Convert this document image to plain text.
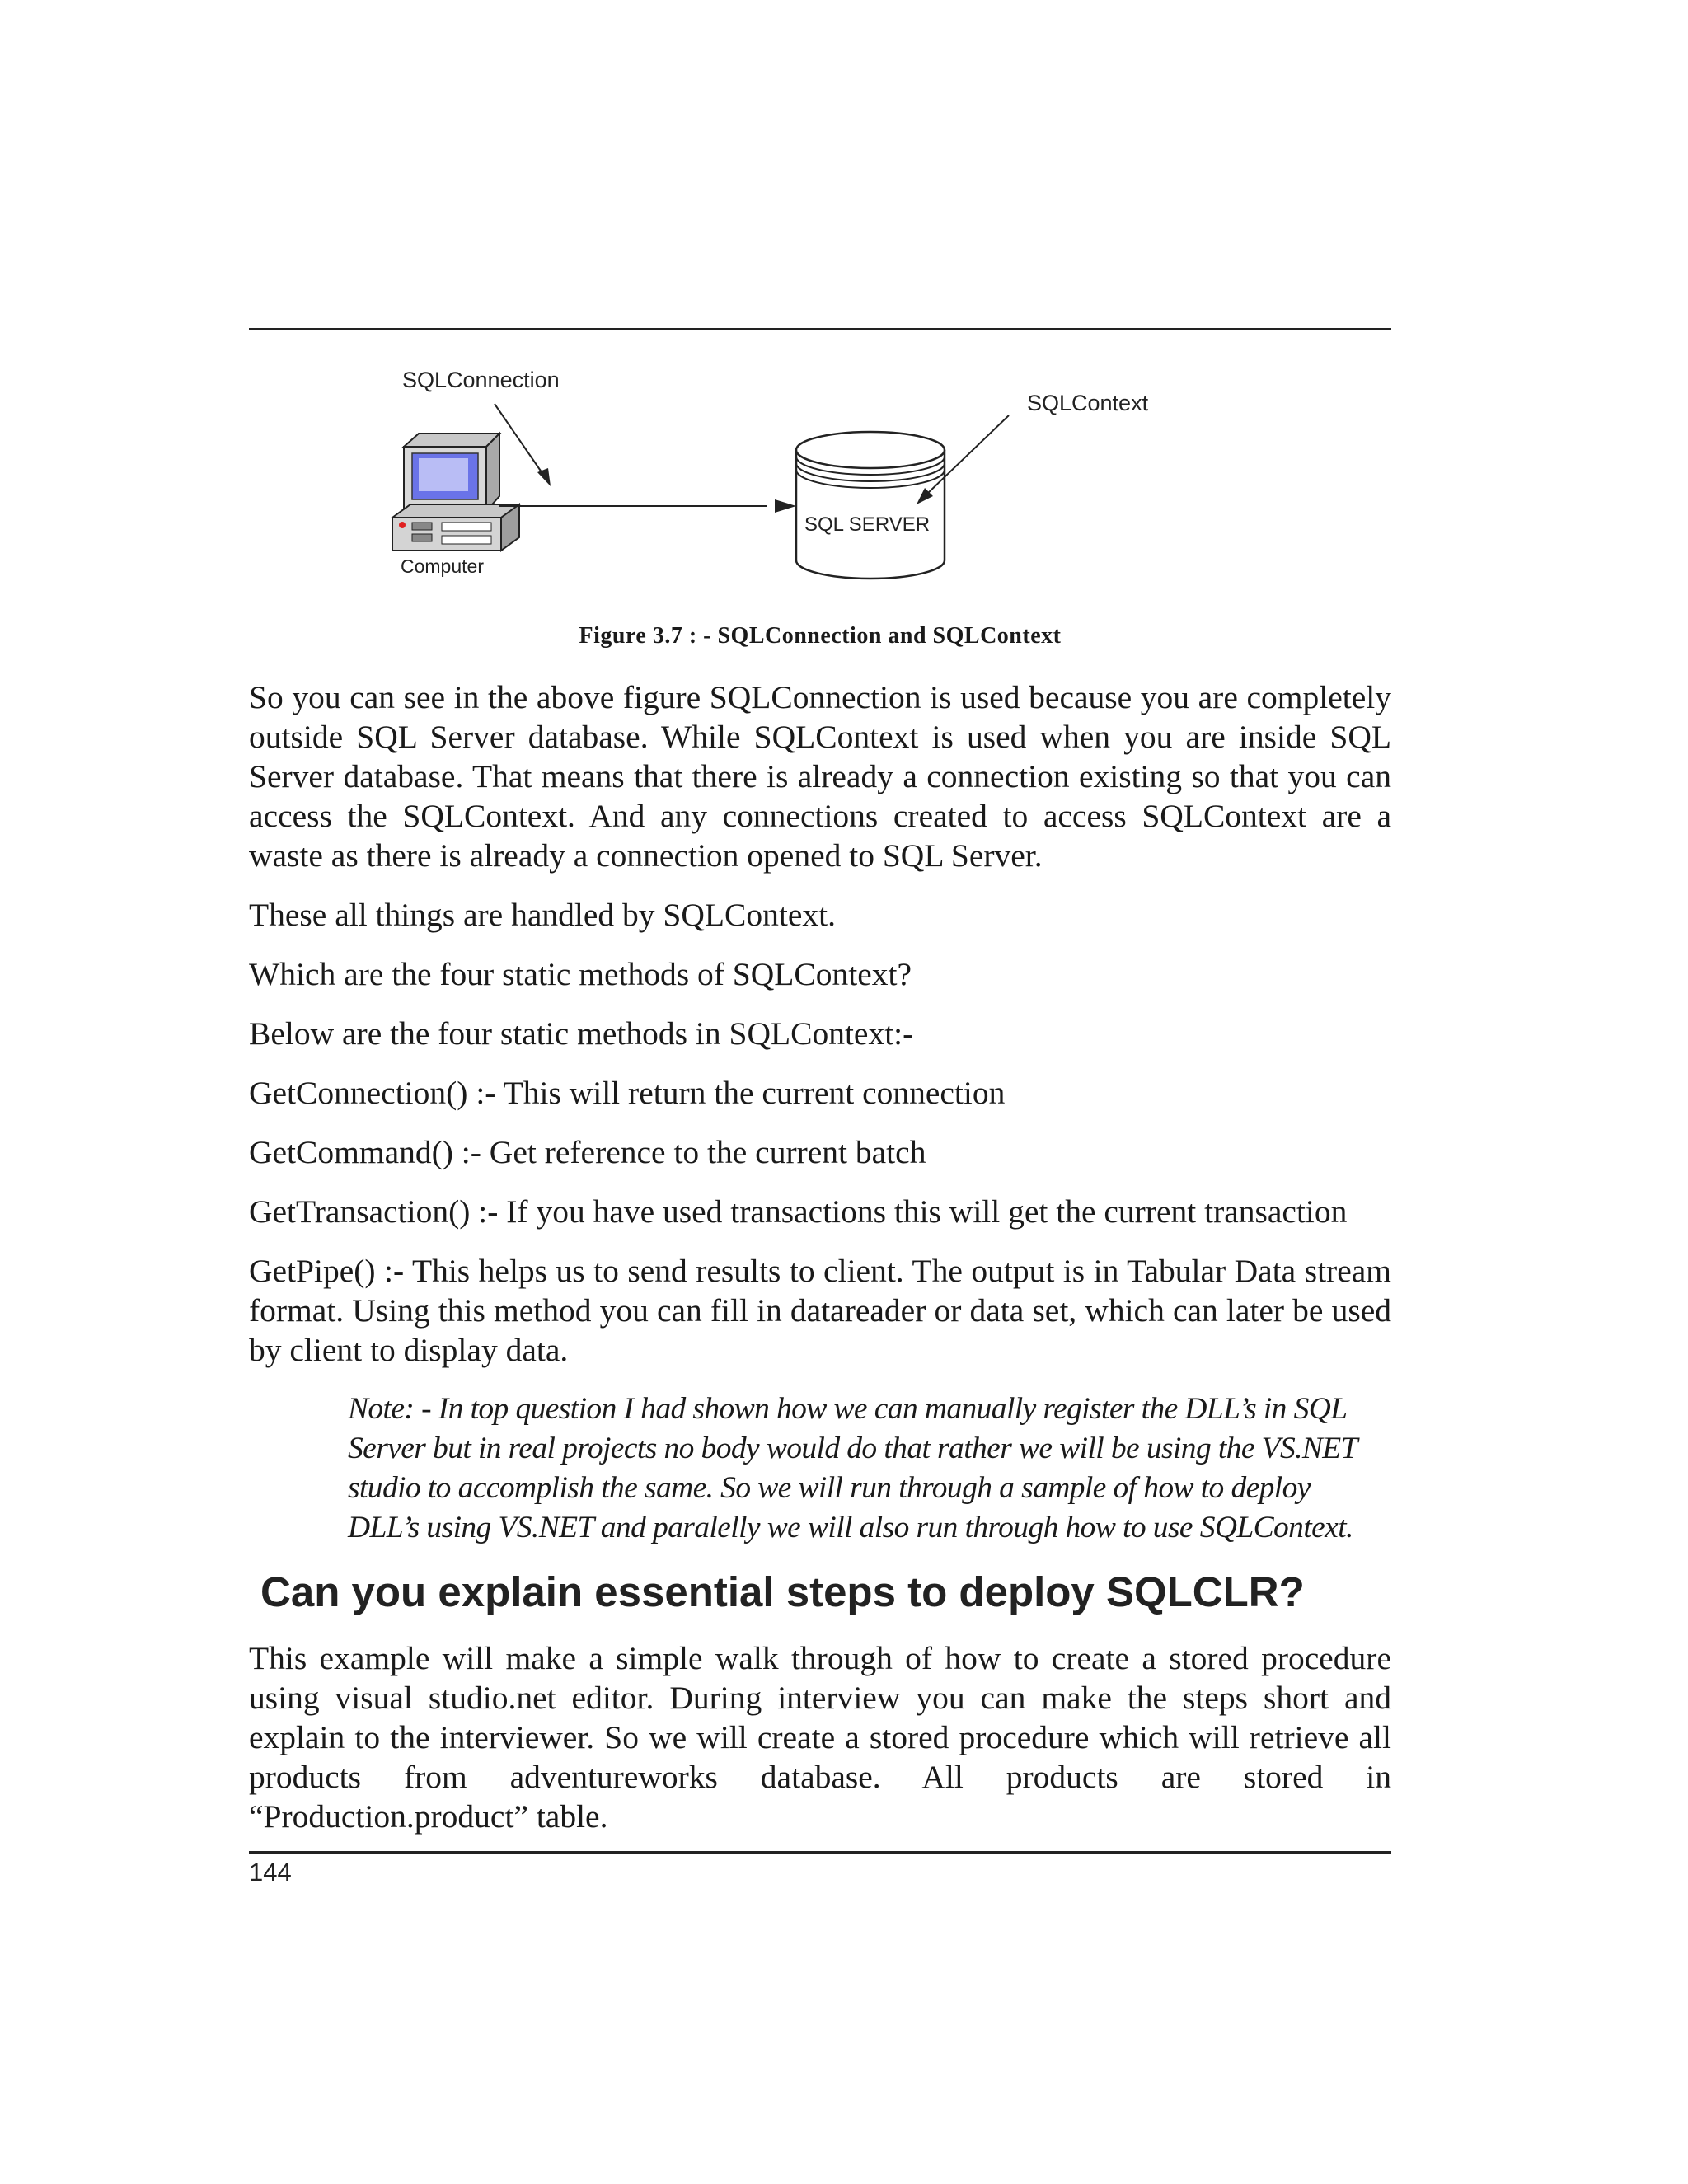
SQLConnection
Computer
SQL SERVER
SQLContext
Figure 3.7 : - SQLConnection and SQLContext

So you can see in the above figure SQLConnection is used because you are completely outside SQL Server database. While SQLContext is used when you are inside SQL Server database. That means that there is already a connection existing so that you can access the SQLContext. And any connections created to access SQLContext are a waste as there is already a connection opened to SQL Server.

These all things are handled by SQLContext.

Which are the four static methods of SQLContext?

Below are the four static methods in SQLContext:-

GetConnection() :- This will return the current connection

GetCommand() :- Get reference to the current batch

GetTransaction() :- If you have used transactions this will get the current transaction

GetPipe() :- This helps us to send results to client. The output is in Tabular Data stream format. Using this method you can fill in datareader or data set, which can later be used by client to display data.

Note: - In top question I had shown how we can manually register the DLL’s in SQL Server but in real projects no body would do that rather we will be using the VS.NET studio to accomplish the same. So we will run through a sample of how to deploy DLL’s using VS.NET and paralelly we will also run through how to use SQLContext.

Can you explain essential steps to deploy SQLCLR?

This example will make a simple walk through of how to create a stored procedure using visual studio.net editor. During interview you can make the steps short and explain to the interviewer. So we will create a stored procedure which will retrieve all products from adventureworks database. All products are stored in “Production.product” table.

144
